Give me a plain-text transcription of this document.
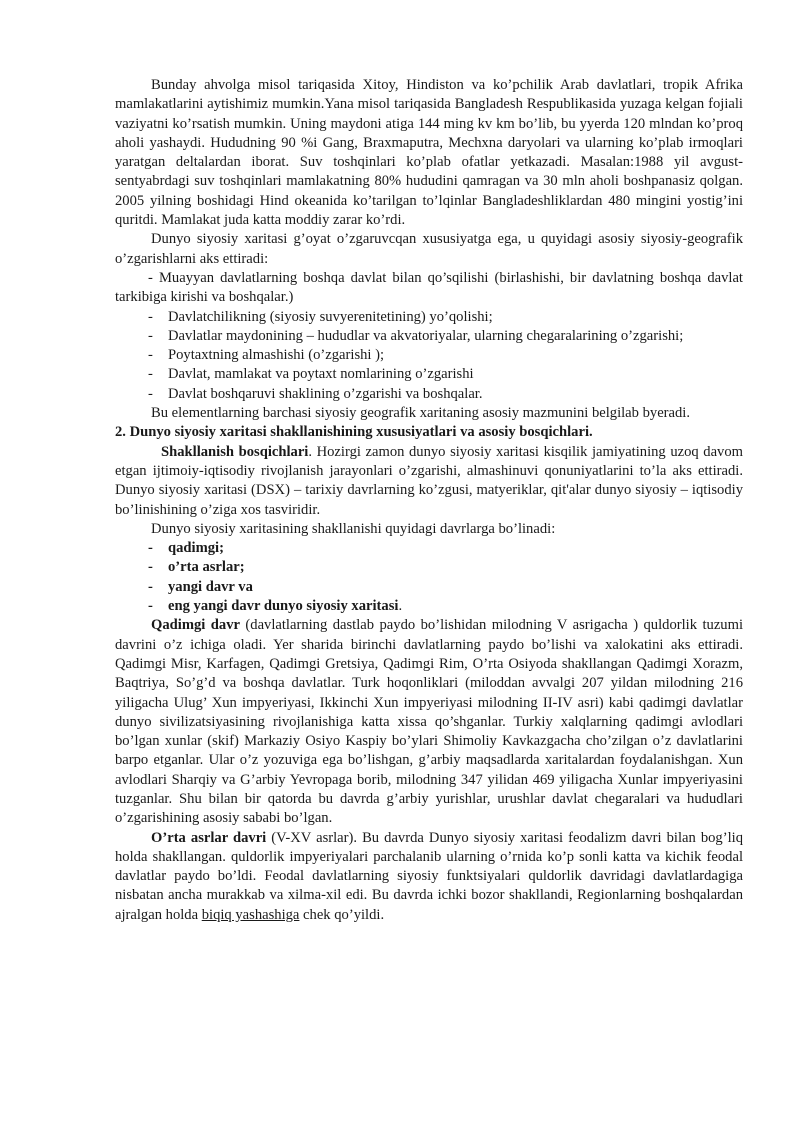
Bunday ahvolga misol tariqasida Xitoy, Hindiston va ko’pchilik Arab davlatlari, tropik Afrika mamlakatlarini aytishimiz mumkin.Yana misol tariqasida Bangladesh Respublikasida yuzaga kelgan fojiali vaziyatni ko’rsatish mumkin. Uning maydoni atiga 144 ming kv km bo’lib, bu yyerda 120 mlndan ko’proq aholi yashaydi. Hududning 90 %i Gang, Braxmaputra, Mechxna daryolari va ularning ko’plab irmoqlari yaratgan deltalardan iborat. Suv toshqinlari ko’plab ofatlar yetkazadi. Masalan:1988 yil avgust-sentyabrdagi suv toshqinlari mamlakatning 80% hududini qamragan va 30 mln aholi boshpanasiz qolgan. 2005 yilning boshidagi Hind okeanida ko’tarilgan to’lqinlar Bangladeshliklardan 480 mingini yostig’ini quritdi. Mamlakat juda katta moddiy zarar ko’rdi.

Dunyo siyosiy xaritasi g’oyat o’zgaruvcqan xususiyatga ega, u quyidagi asosiy siyosiy-geografik o’zgarishlarni aks ettiradi:

- Muayyan davlatlarning boshqa davlat bilan qo’sqilishi (birlashishi, bir davlatning boshqa davlat tarkibiga kirishi va boshqalar.)

-	Davlatchilikning (siyosiy suvyerenitetining) yo’qolishi;
-	Davlatlar maydonining – hududlar va akvatoriyalar, ularning chegaralarining o’zgarishi;
-	Poytaxtning almashishi (o’zgarishi );
-	Davlat, mamlakat va poytaxt nomlarining o’zgarishi
-	Davlat boshqaruvi shaklining o’zgarishi va boshqalar.

Bu elementlarning barchasi siyosiy geografik xaritaning asosiy mazmunini belgilab byeradi.

2. Dunyo siyosiy xaritasi shakllanishining xususiyatlari va asosiy bosqichlari.

Shakllanish bosqichlari. Hozirgi zamon dunyo siyosiy xaritasi kisqilik jamiyatining uzoq davom etgan ijtimoiy-iqtisodiy rivojlanish jarayonlari o’zgarishi, almashinuvi qonuniyatlarini to’la aks ettiradi. Dunyo siyosiy xaritasi (DSX) – tarixiy davrlarning ko’zgusi, matyeriklar, qit'alar dunyo siyosiy – iqtisodiy bo’linishining o’ziga xos tasviridir.

Dunyo siyosiy xaritasining shakllanishi quyidagi davrlarga bo’linadi:

-	qadimgi;
-	o’rta asrlar;
-	yangi davr va
-	eng yangi davr dunyo siyosiy xaritasi.

Qadimgi davr (davlatlarning dastlab paydo bo’lishidan milodning V asrigacha ) quldorlik tuzumi davrini o’z ichiga oladi. Yer sharida birinchi davlatlarning paydo bo’lishi va xalokatini aks ettiradi. Qadimgi Misr, Karfagen, Qadimgi Gretsiya, Qadimgi Rim, O’rta Osiyoda shakllangan Qadimgi Xorazm, Baqtriya, So’g’d va boshqa davlatlar. Turk hoqonliklari (miloddan avvalgi 207 yildan milodning 216 yiligacha Ulug’ Xun impyeriyasi, Ikkinchi Xun impyeriyasi milodning II-IV asri) kabi qadimgi davlatlar dunyo sivilizatsiyasining rivojlanishiga katta xissa qo’shganlar. Turkiy xalqlarning qadimgi avlodlari bo’lgan xunlar (skif) Markaziy Osiyo Kaspiy bo’ylari Shimoliy Kavkazgacha cho’zilgan o’z davlatlarini barpo etganlar. Ular o’z yozuviga ega bo’lishgan, g’arbiy maqsadlarda xaritalardan foydalanishgan. Xun avlodlari Sharqiy va G’arbiy Yevropaga borib, milodning 347 yilidan 469 yiligacha Xunlar impyeriyasini tuzganlar. Shu bilan bir qatorda bu davrda g’arbiy yurishlar, urushlar davlat chegaralari va hududlari o’zgarishining asosiy sababi bo’lgan.

O’rta asrlar davri (V-XV asrlar). Bu davrda Dunyo siyosiy xaritasi feodalizm davri bilan bog’liq holda shakllangan. quldorlik impyeriyalari parchalanib ularning o’rnida ko’p sonli katta va kichik feodal davlatlar paydo bo’ldi. Feodal davlatlarning siyosiy funktsiyalari quldorlik davridagi davlatlardagiga nisbatan ancha murakkab va xilma-xil edi. Bu davrda ichki bozor shakllandi, Regionlarning boshqalardan ajralgan holda biqiq yashashiga chek qo’yildi.
